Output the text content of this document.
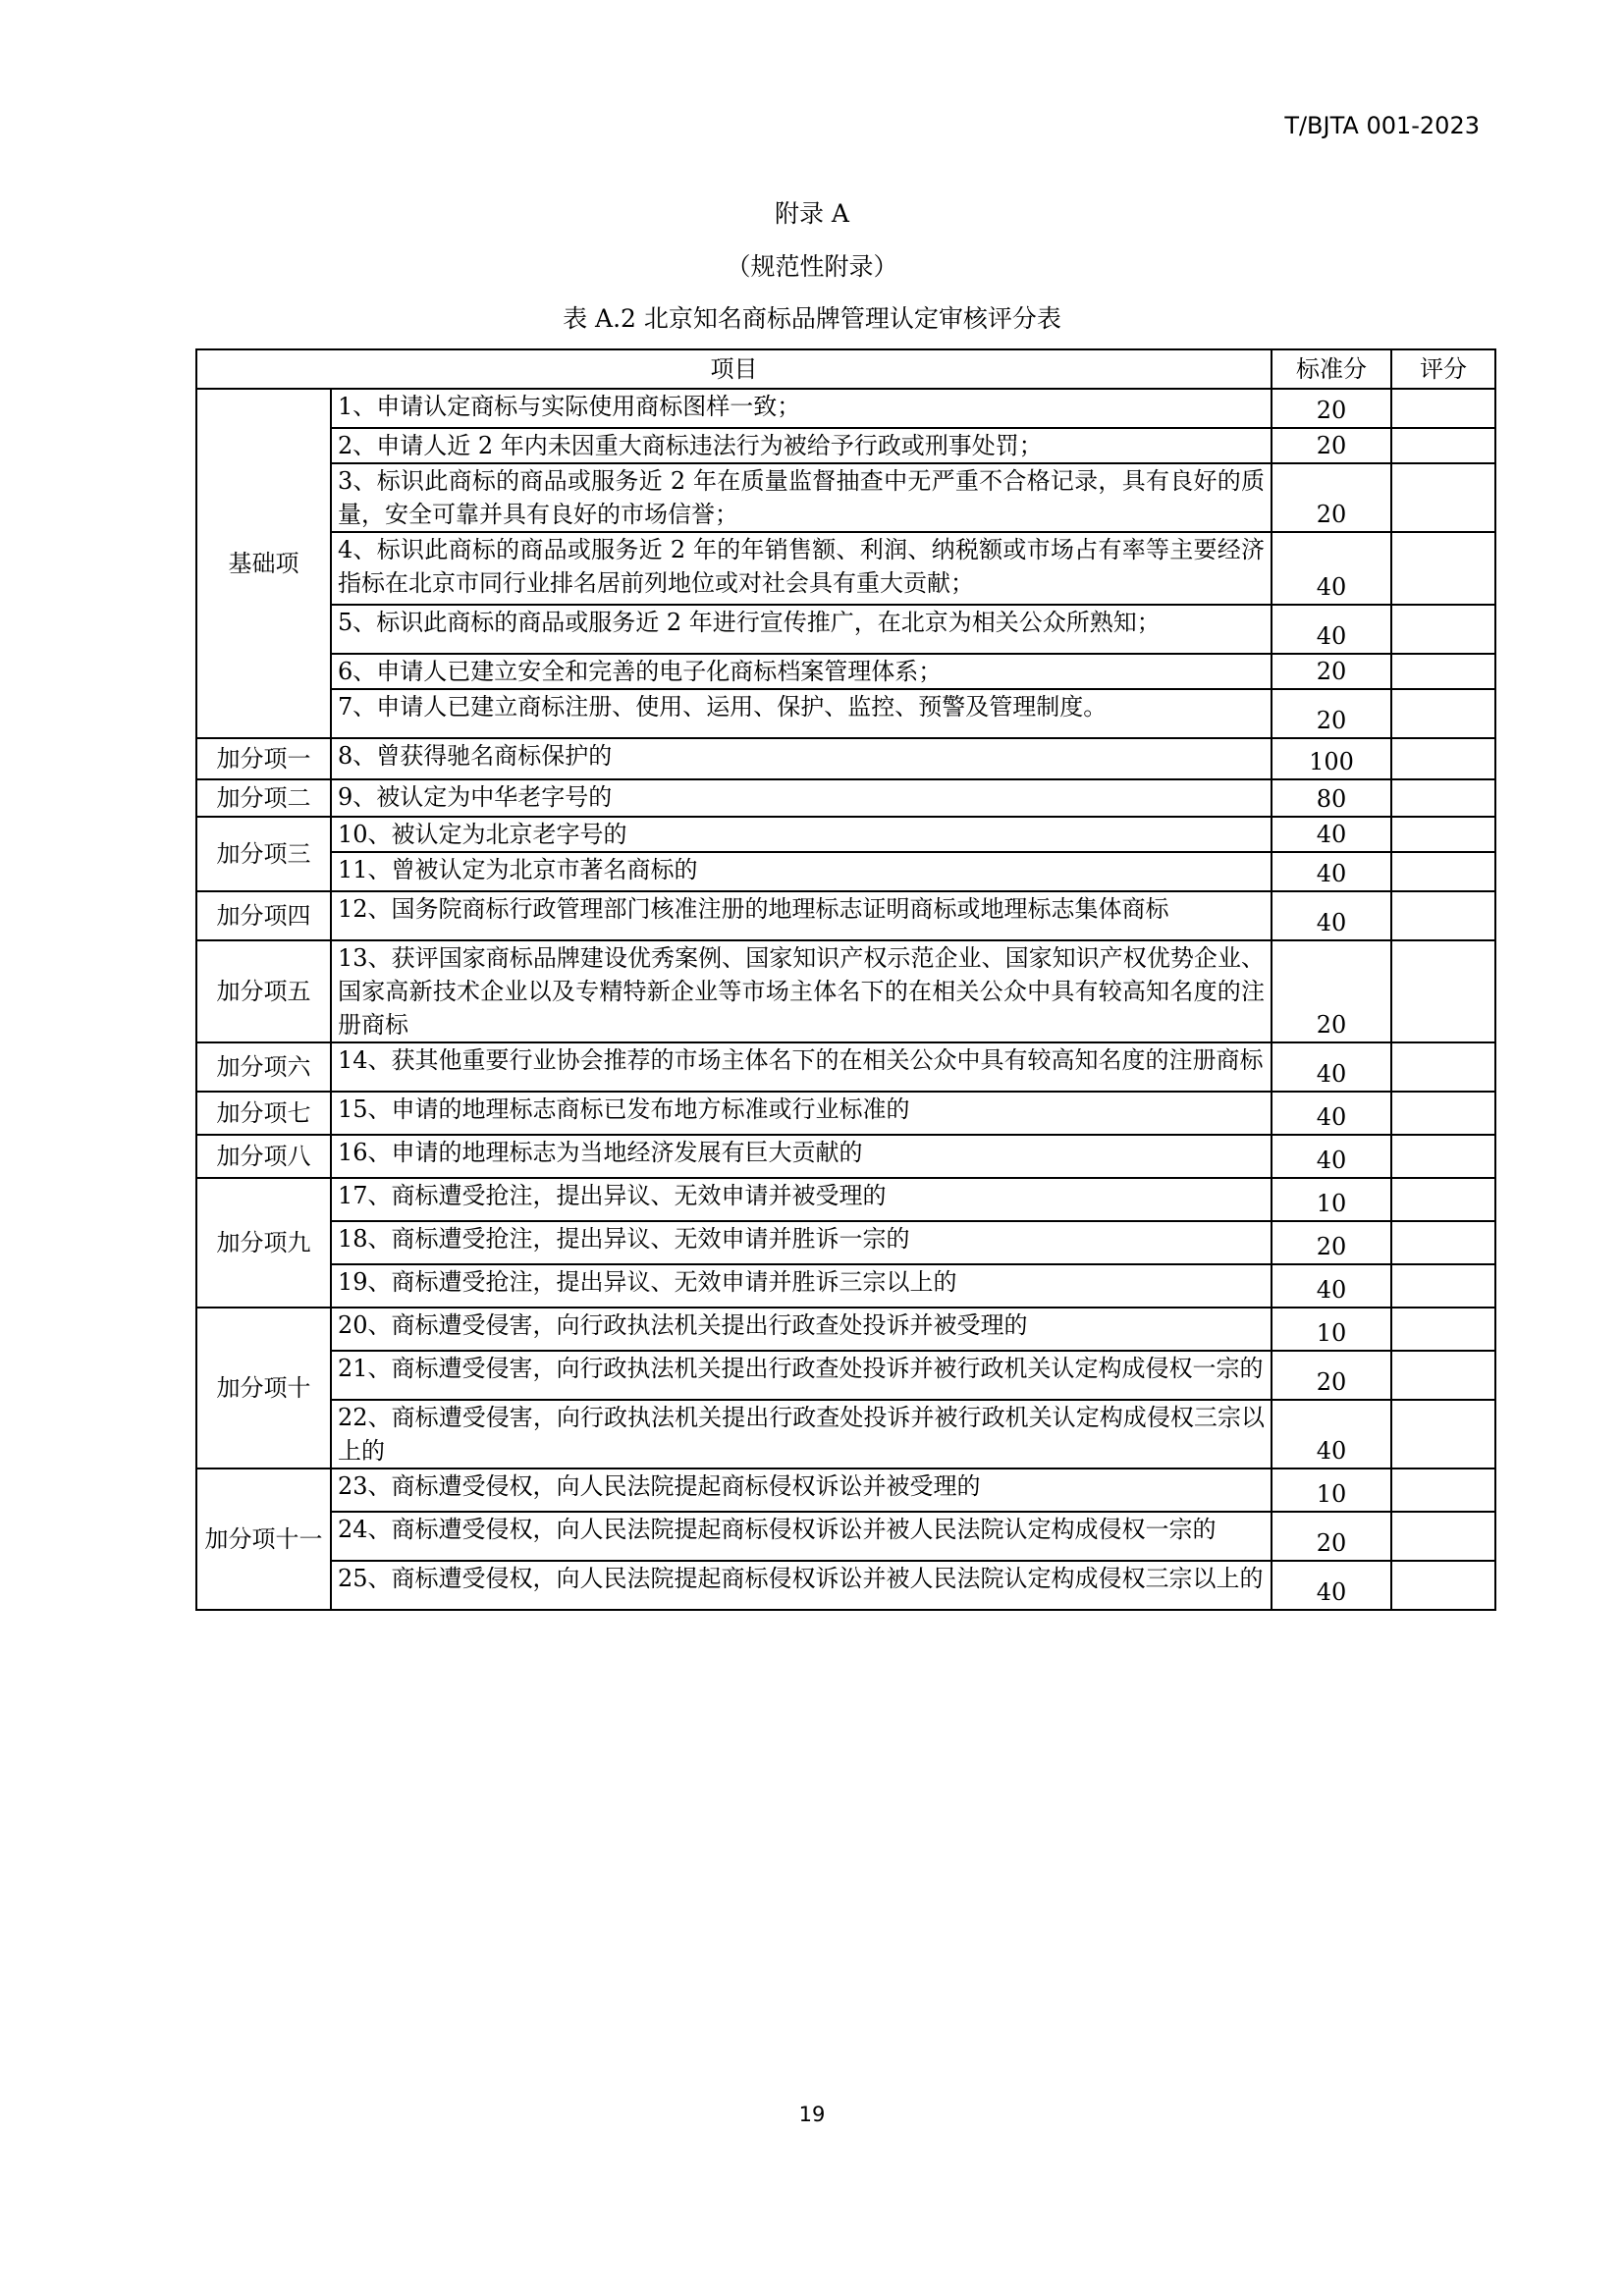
T/BJTA 001-2023
附录 A
（规范性附录）
表 A.2 北京知名商标品牌管理认定审核评分表
项目		标准分	评分
基础项	1、申请认定商标与实际使用商标图样一致；	20	
	2、申请人近 2 年内未因重大商标违法行为被给予行政或刑事处罚；	20	
	3、标识此商标的商品或服务近 2 年在质量监督抽查中无严重不合格记录，具有良好的质量，安全可靠并具有良好的市场信誉；	20	
	4、标识此商标的商品或服务近 2 年的年销售额、利润、纳税额或市场占有率等主要经济指标在北京市同行业排名居前列地位或对社会具有重大贡献；	40	
	5、标识此商标的商品或服务近 2 年进行宣传推广，在北京为相关公众所熟知；	40	
	6、申请人已建立安全和完善的电子化商标档案管理体系；	20	
	7、申请人已建立商标注册、使用、运用、保护、监控、预警及管理制度。	20	
加分项一	8、曾获得驰名商标保护的	100	
加分项二	9、被认定为中华老字号的	80	
加分项三	10、被认定为北京老字号的	40	
	11、曾被认定为北京市著名商标的	40	
加分项四	12、国务院商标行政管理部门核准注册的地理标志证明商标或地理标志集体商标	40	
加分项五	13、获评国家商标品牌建设优秀案例、国家知识产权示范企业、国家知识产权优势企业、国家高新技术企业以及专精特新企业等市场主体名下的在相关公众中具有较高知名度的注册商标	20	
加分项六	14、获其他重要行业协会推荐的市场主体名下的在相关公众中具有较高知名度的注册商标	40	
加分项七	15、申请的地理标志商标已发布地方标准或行业标准的	40	
加分项八	16、申请的地理标志为当地经济发展有巨大贡献的	40	
加分项九	17、商标遭受抢注，提出异议、无效申请并被受理的	10	
	18、商标遭受抢注，提出异议、无效申请并胜诉一宗的	20	
	19、商标遭受抢注，提出异议、无效申请并胜诉三宗以上的	40	
加分项十	20、商标遭受侵害，向行政执法机关提出行政查处投诉并被受理的	10	
	21、商标遭受侵害，向行政执法机关提出行政查处投诉并被行政机关认定构成侵权一宗的	20	
	22、商标遭受侵害，向行政执法机关提出行政查处投诉并被行政机关认定构成侵权三宗以上的	40	
加分项十一	23、商标遭受侵权，向人民法院提起商标侵权诉讼并被受理的	10	
	24、商标遭受侵权，向人民法院提起商标侵权诉讼并被人民法院认定构成侵权一宗的	20	
	25、商标遭受侵权，向人民法院提起商标侵权诉讼并被人民法院认定构成侵权三宗以上的	40	
19
